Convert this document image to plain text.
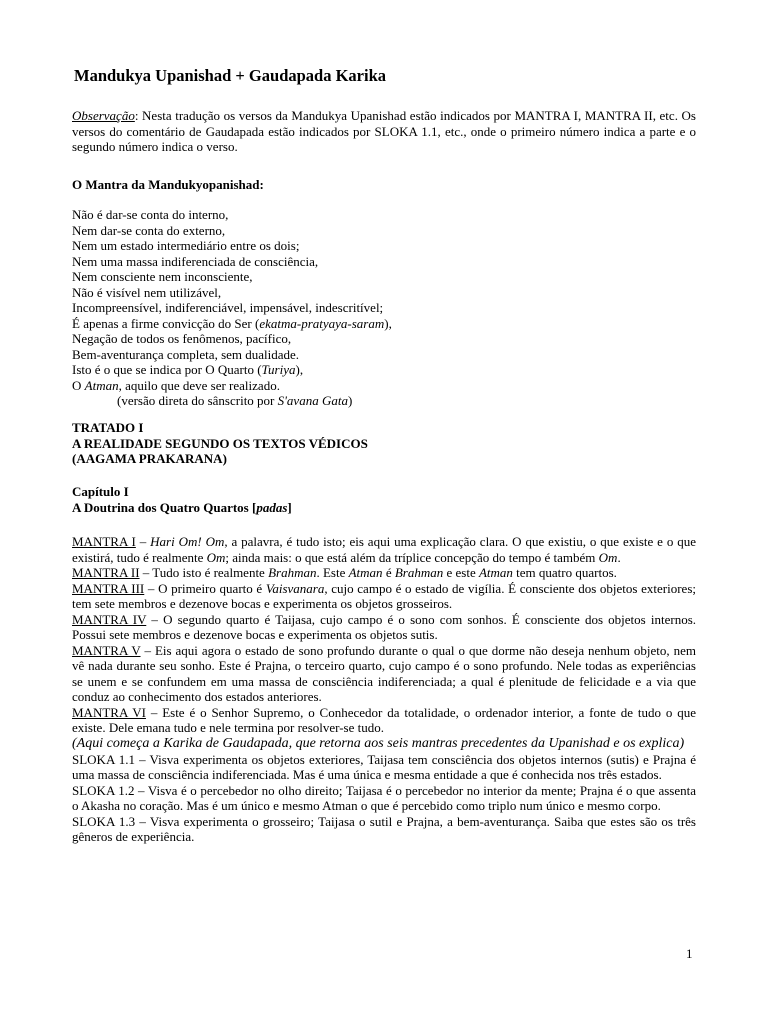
Mandukya Upanishad + Gaudapada Karika
Observação: Nesta tradução os versos da Mandukya Upanishad estão indicados por MANTRA I, MANTRA II, etc. Os versos do comentário de Gaudapada estão indicados por SLOKA 1.1, etc., onde o primeiro número indica a parte e o segundo número indica o verso.
O Mantra da Mandukyopanishad:
Não é dar-se conta do interno,
Nem dar-se conta do externo,
Nem um estado intermediário entre os dois;
Nem uma massa indiferenciada de consciência,
Nem consciente nem inconsciente,
Não é visível nem utilizável,
Incompreensível, indiferenciável, impensável, indescritível;
É apenas a firme convicção do Ser (ekatma-pratyaya-saram),
Negação de todos os fenômenos, pacífico,
Bem-aventurança completa, sem dualidade.
Isto é o que se indica por O Quarto (Turiya),
O Atman, aquilo que deve ser realizado.
(versão direta do sânscrito por S'avana Gata)
TRATADO I
A REALIDADE SEGUNDO OS TEXTOS VÉDICOS
(AAGAMA PRAKARANA)
Capítulo I
A Doutrina dos Quatro Quartos [padas]

MANTRA I – Hari Om! Om, a palavra, é tudo isto; eis aqui uma explicação clara. O que existiu, o que existe e o que existirá, tudo é realmente Om; ainda mais: o que está além da tríplice concepção do tempo é também Om.

MANTRA II – Tudo isto é realmente Brahman. Este Atman é Brahman e este Atman tem quatro quartos.

MANTRA III – O primeiro quarto é Vaisvanara, cujo campo é o estado de vigília. É consciente dos objetos exteriores; tem sete membros e dezenove bocas e experimenta os objetos grosseiros.

MANTRA IV – O segundo quarto é Taijasa, cujo campo é o sono com sonhos. É consciente dos objetos internos. Possui sete membros e dezenove bocas e experimenta os objetos sutis.

MANTRA V – Eis aqui agora o estado de sono profundo durante o qual o que dorme não deseja nenhum objeto, nem vê nada durante seu sonho. Este é Prajna, o terceiro quarto, cujo campo é o sono profundo. Nele todas as experiências se unem e se confundem em uma massa de consciência indiferenciada; a qual é plenitude de felicidade e a via que conduz ao conhecimento dos estados anteriores.

MANTRA VI – Este é o Senhor Supremo, o Conhecedor da totalidade, o ordenador interior, a fonte de tudo o que existe. Dele emana tudo e nele termina por resolver-se tudo.

(Aqui começa a Karika de Gaudapada, que retorna aos seis mantras precedentes da Upanishad e os explica)

SLOKA 1.1 – Visva experimenta os objetos exteriores, Taijasa tem consciência dos objetos internos (sutis) e Prajna é uma massa de consciência indiferenciada. Mas é uma única e mesma entidade a que é conhecida nos três estados.

SLOKA 1.2 – Visva é o percebedor no olho direito; Taijasa é o percebedor no interior da mente; Prajna é o que assenta o Akasha no coração. Mas é um único e mesmo Atman o que é percebido como triplo num único e mesmo corpo.

SLOKA 1.3 – Visva experimenta o grosseiro; Taijasa o sutil e Prajna, a bem-aventurança. Saiba que estes são os três gêneros de experiência.

1
